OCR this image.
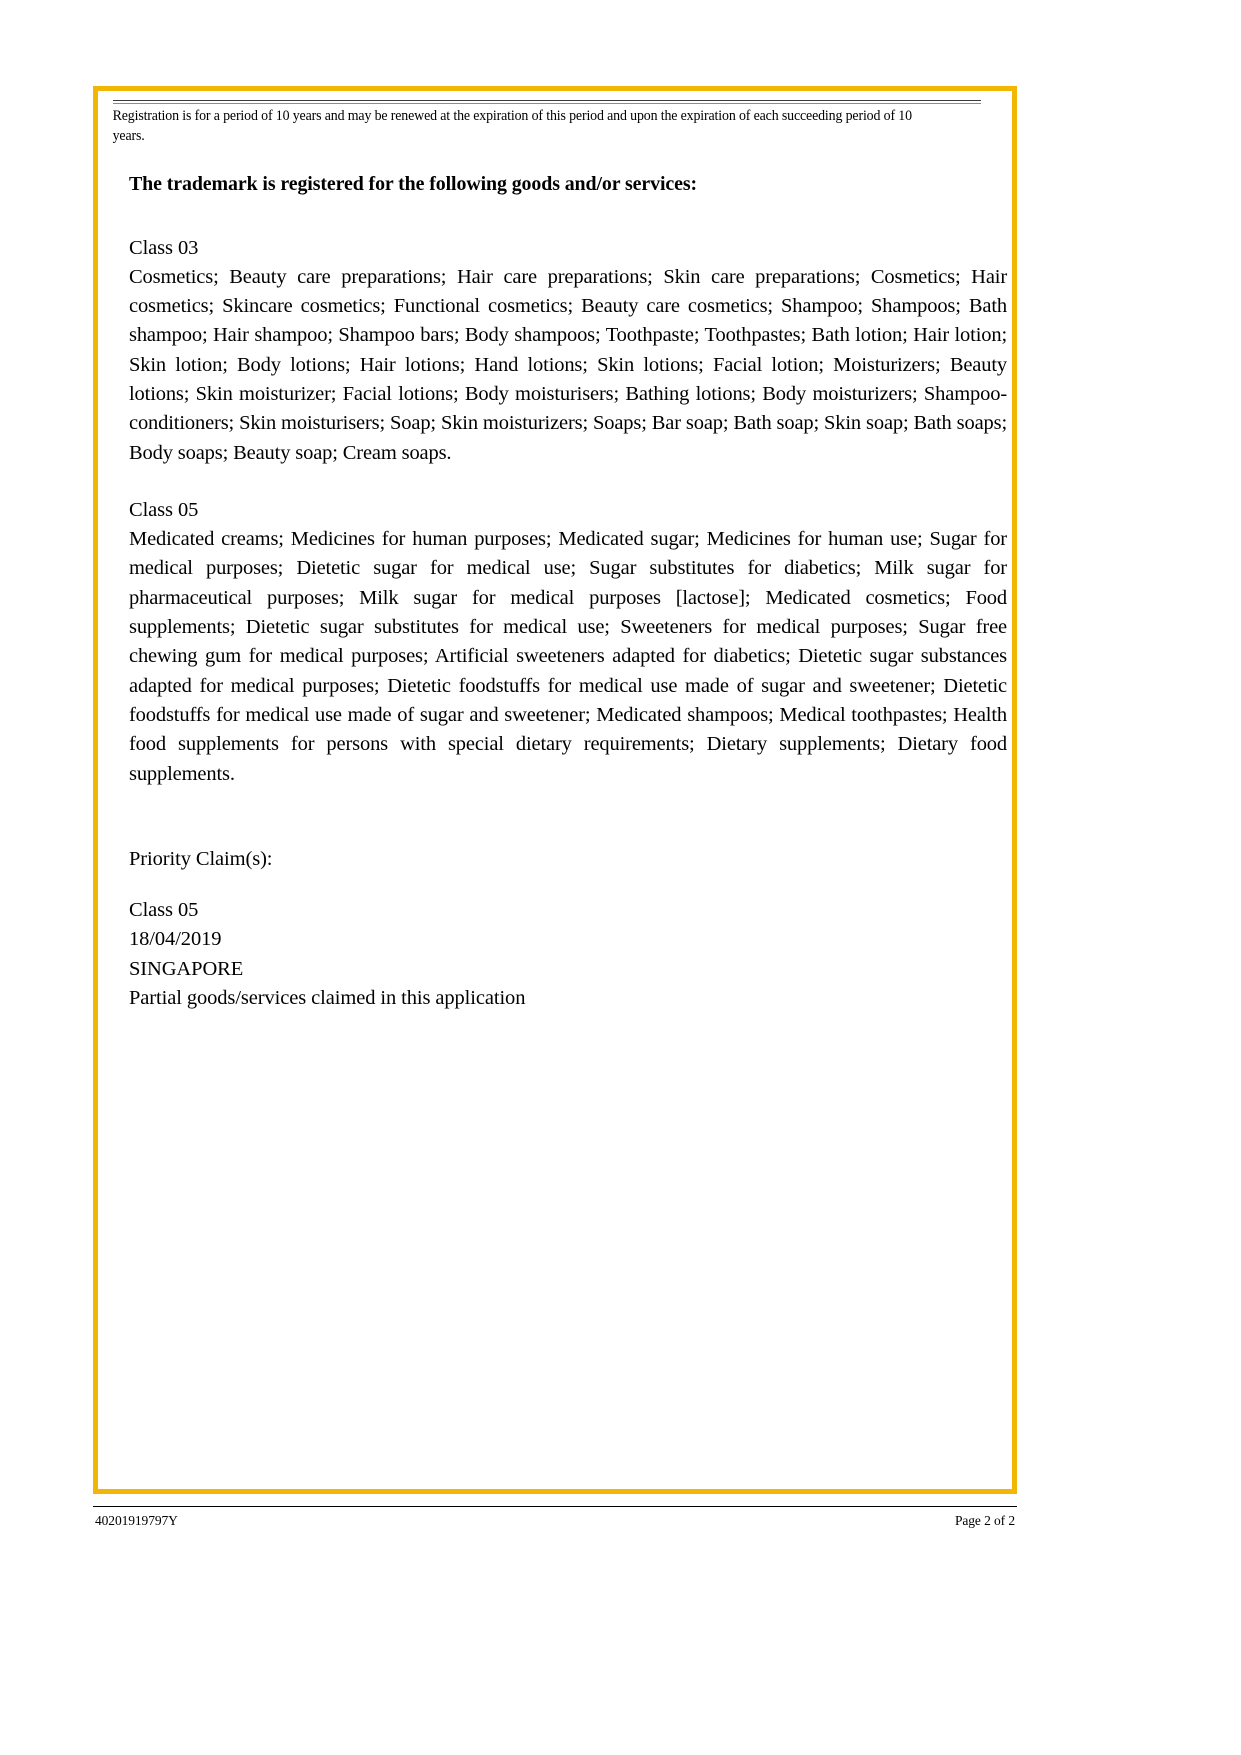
Registration is for a period of 10 years and may be renewed at the expiration of this period and upon the expiration of each succeeding period of 10 years.
The trademark is registered for the following goods and/or services:
Class 03

Cosmetics; Beauty care preparations; Hair care preparations; Skin care preparations; Cosmetics; Hair cosmetics; Skincare cosmetics; Functional cosmetics; Beauty care cosmetics; Shampoo; Shampoos; Bath shampoo; Hair shampoo; Shampoo bars; Body shampoos; Toothpaste; Toothpastes; Bath lotion; Hair lotion; Skin lotion; Body lotions; Hair lotions; Hand lotions; Skin lotions; Facial lotion; Moisturizers; Beauty lotions; Skin moisturizer; Facial lotions; Body moisturisers; Bathing lotions; Body moisturizers; Shampoo-conditioners; Skin moisturisers; Soap; Skin moisturizers; Soaps; Bar soap; Bath soap; Skin soap; Bath soaps; Body soaps; Beauty soap; Cream soaps.

Class 05

Medicated creams; Medicines for human purposes; Medicated sugar; Medicines for human use; Sugar for medical purposes; Dietetic sugar for medical use; Sugar substitutes for diabetics; Milk sugar for pharmaceutical purposes; Milk sugar for medical purposes [lactose]; Medicated cosmetics; Food supplements; Dietetic sugar substitutes for medical use; Sweeteners for medical purposes; Sugar free chewing gum for medical purposes; Artificial sweeteners adapted for diabetics; Dietetic sugar substances adapted for medical purposes; Dietetic foodstuffs for medical use made of sugar and sweetener; Dietetic foodstuffs for medical use made of sugar and sweetener; Medicated shampoos; Medical toothpastes; Health food supplements for persons with special dietary requirements; Dietary supplements; Dietary food supplements.

Priority Claim(s):
Class 05
18/04/2019
SINGAPORE
Partial goods/services claimed in this application
40201919797Y	Page 2 of 2
